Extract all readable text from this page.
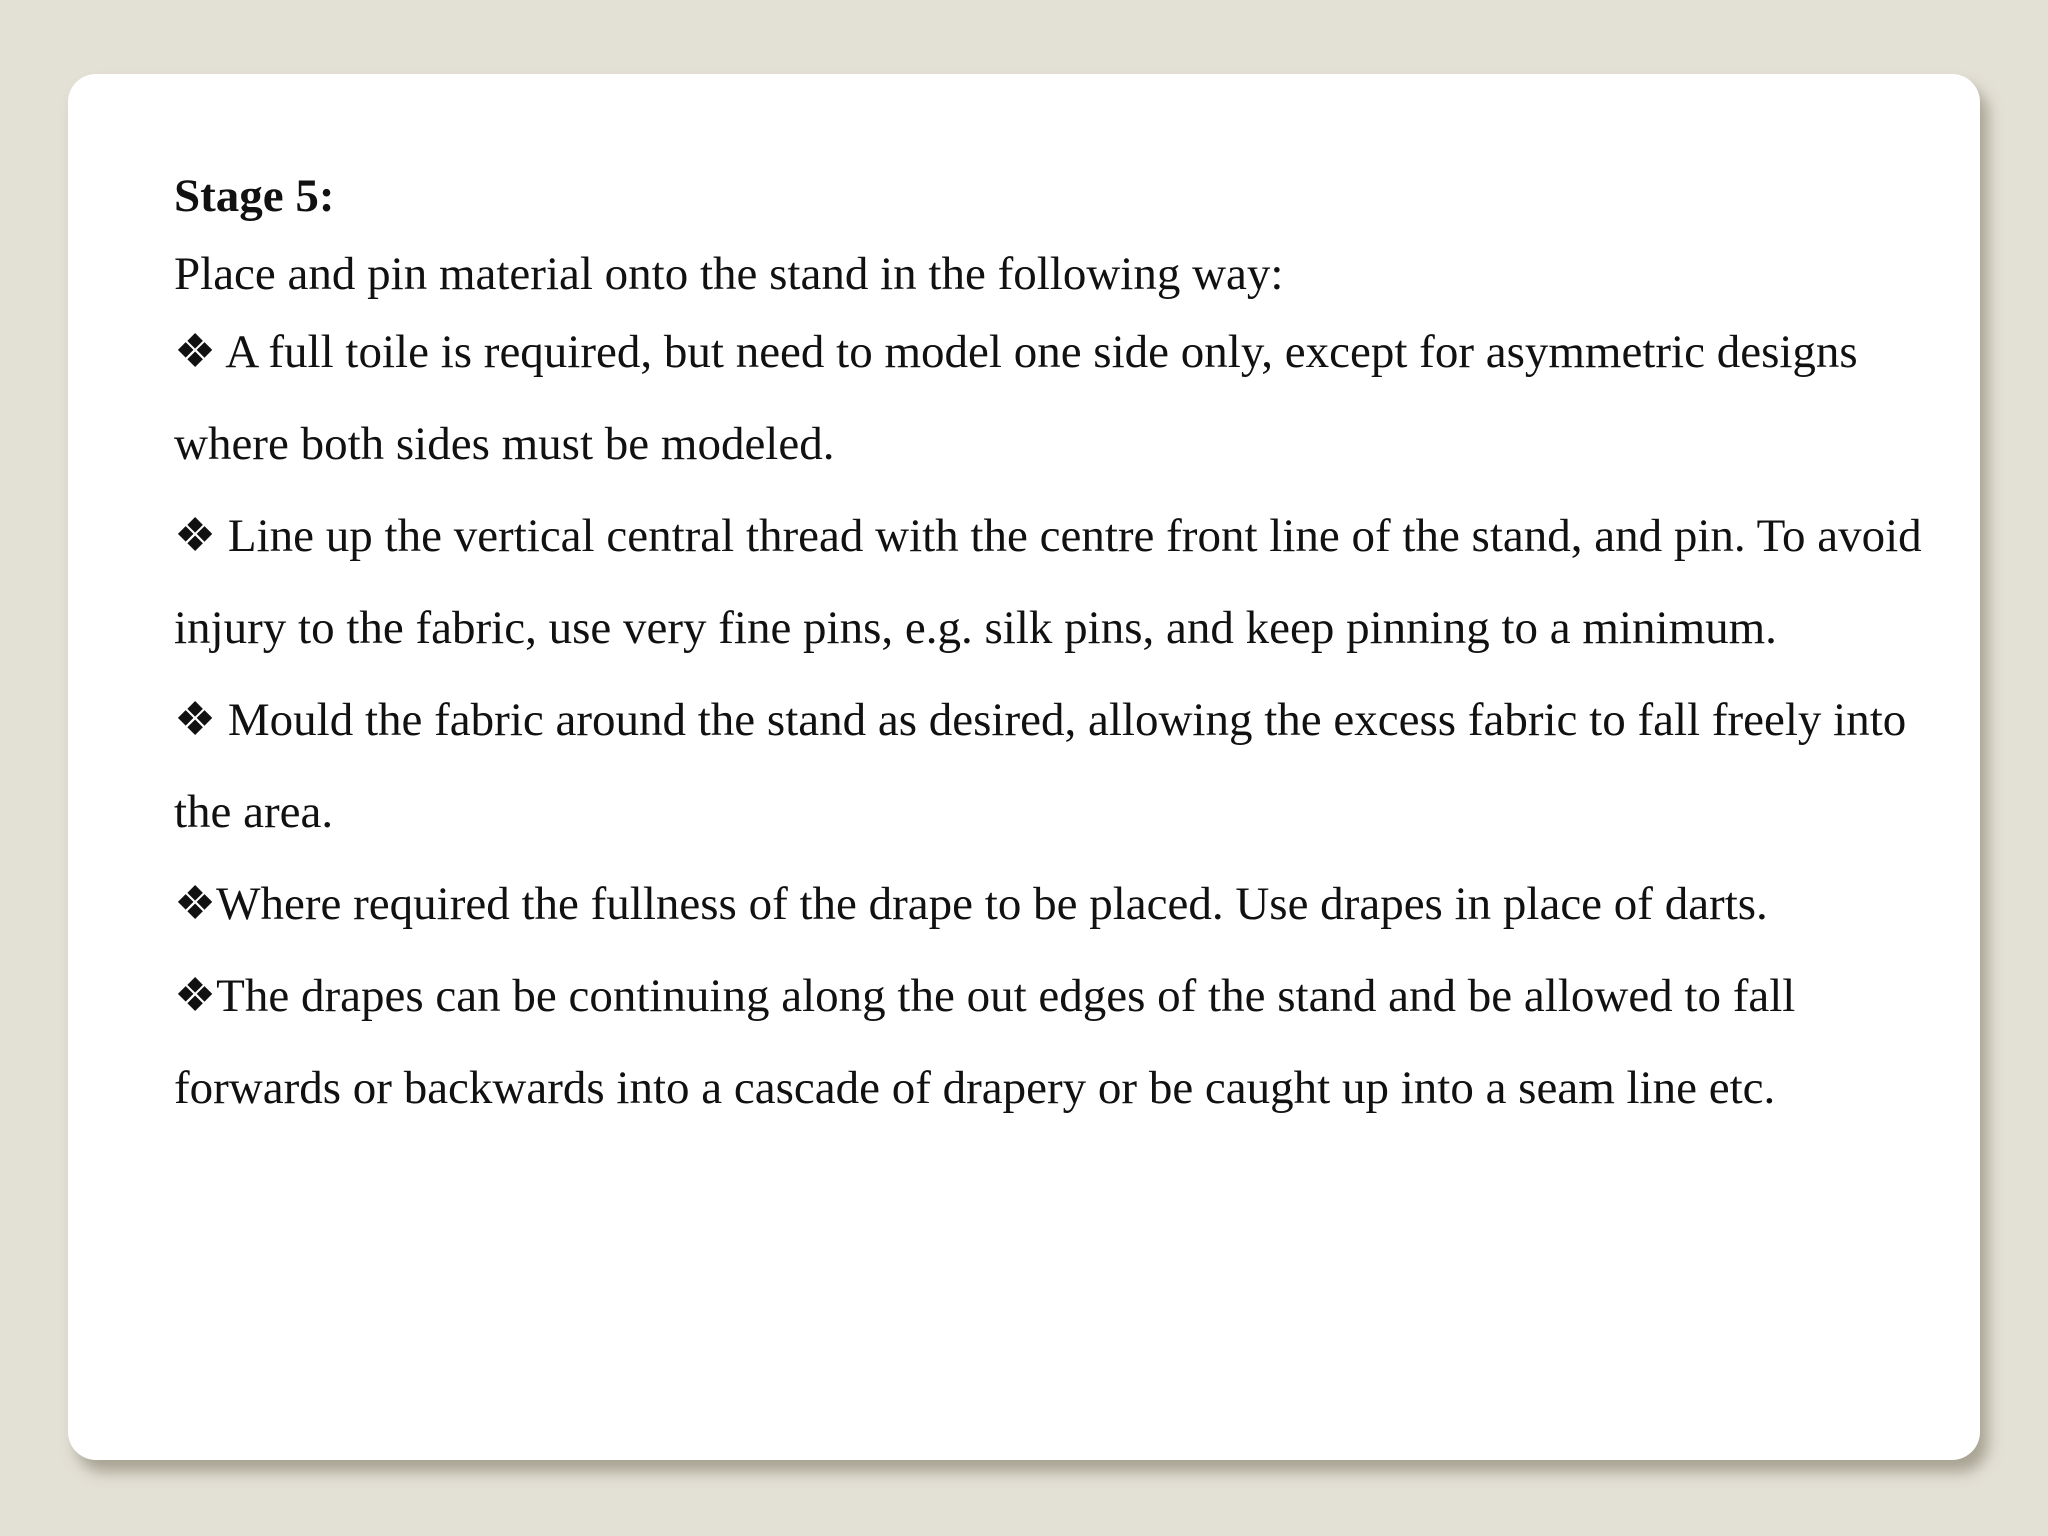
Stage 5:

Place and pin material onto the stand in the following way:

❖ A full toile is required, but need to model one side only, except for asymmetric designs where both sides must be modeled.

❖ Line up the vertical central thread with the centre front line of the stand, and pin. To avoid injury to the fabric, use very fine pins, e.g. silk pins, and keep pinning to a minimum.

❖ Mould the fabric around the stand as desired, allowing the excess fabric to fall freely into the area.

❖Where required the fullness of the drape to be placed. Use drapes in place of darts.

❖The drapes can be continuing along the out edges of the stand and be allowed to fall forwards or backwards into a cascade of drapery or be caught up into a seam line etc.
